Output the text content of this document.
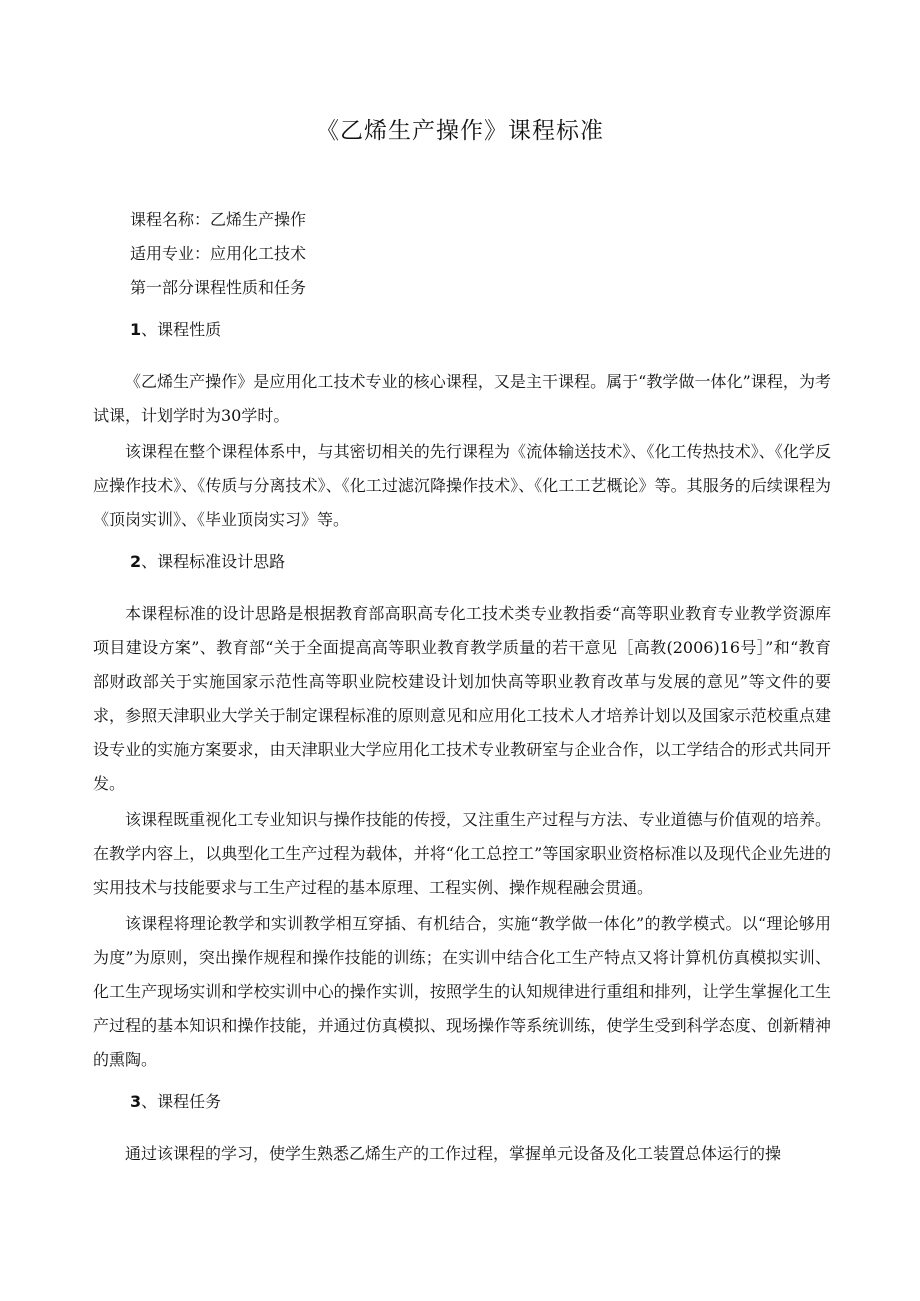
《乙烯生产操作》课程标准

课程名称：乙烯生产操作

适用专业：应用化工技术

第一部分课程性质和任务

1、课程性质

《乙烯生产操作》是应用化工技术专业的核心课程，又是主干课程。属于“教学做一体化”课程，为考试课，计划学时为30学时。

该课程在整个课程体系中，与其密切相关的先行课程为《流体输送技术》、《化工传热技术》、《化学反应操作技术》、《传质与分离技术》、《化工过滤沉降操作技术》、《化工工艺概论》等。其服务的后续课程为《顶岗实训》、《毕业顶岗实习》等。

2、课程标准设计思路

本课程标准的设计思路是根据教育部高职高专化工技术类专业教指委“高等职业教育专业教学资源库项目建设方案”、教育部“关于全面提高高等职业教育教学质量的若干意见［高教(2006)16号］”和“教育部财政部关于实施国家示范性高等职业院校建设计划加快高等职业教育改革与发展的意见”等文件的要求，参照天津职业大学关于制定课程标准的原则意见和应用化工技术人才培养计划以及国家示范校重点建设专业的实施方案要求，由天津职业大学应用化工技术专业教研室与企业合作，以工学结合的形式共同开发。

该课程既重视化工专业知识与操作技能的传授，又注重生产过程与方法、专业道德与价值观的培养。在教学内容上，以典型化工生产过程为载体，并将“化工总控工”等国家职业资格标准以及现代企业先进的实用技术与技能要求与工生产过程的基本原理、工程实例、操作规程融会贯通。

该课程将理论教学和实训教学相互穿插、有机结合，实施“教学做一体化”的教学模式。以“理论够用为度”为原则，突出操作规程和操作技能的训练；在实训中结合化工生产特点又将计算机仿真模拟实训、化工生产现场实训和学校实训中心的操作实训，按照学生的认知规律进行重组和排列，让学生掌握化工生产过程的基本知识和操作技能，并通过仿真模拟、现场操作等系统训练，使学生受到科学态度、创新精神的熏陶。

3、课程任务

通过该课程的学习，使学生熟悉乙烯生产的工作过程，掌握单元设备及化工装置总体运行的操
